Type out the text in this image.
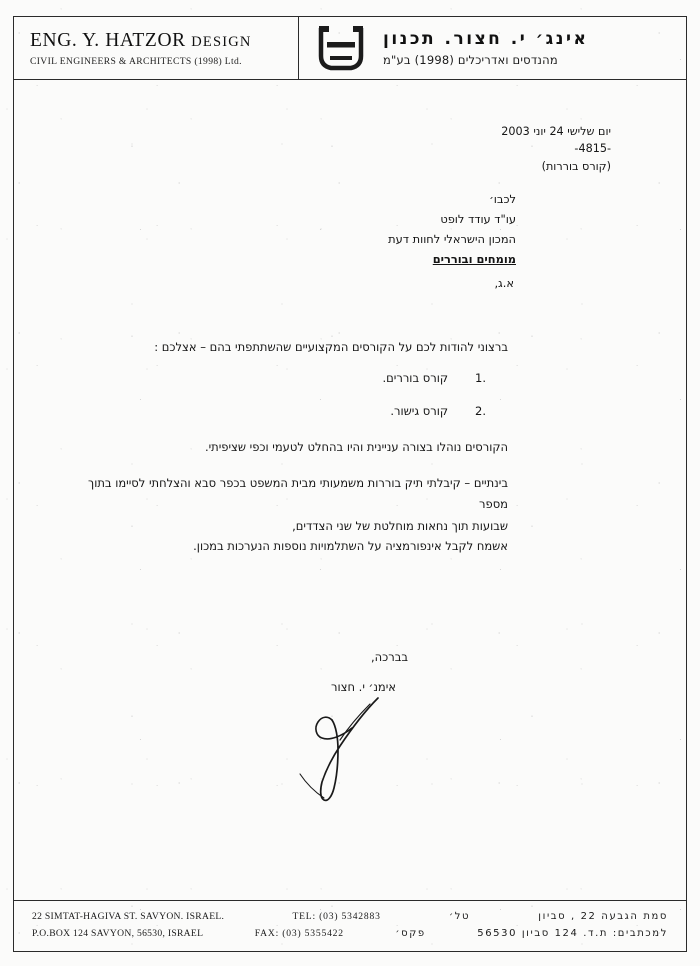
ENG. Y. HATZOR DESIGN
CIVIL ENGINEERS & ARCHITECTS (1998) Ltd.
אינג׳ י. חצור. תכנון
מהנדסים ואדריכלים (1998) בע"מ
יום שלישי 24 יוני 2003
-4815-
(קורס בוררות)
לכבו׳
עו"ד עודד לופט
המכון הישראלי לחוות דעת
מומחים ובוררים
א.ג,
ברצוני להודות לכם על הקורסים המקצועיים שהשתתפתי בהם – אצלכם :
.1
קורס בוררים.
.2
קורס גישור.
הקורסים נוהלו בצורה עניינית והיו בהחלט לטעמי וכפי שציפיתי.
בינתיים – קיבלתי תיק בוררות משמעותי מבית המשפט בכפר סבא והצלחתי לסיימו בתוך מספר
שבועות תוך נחאות מוחלטת של שני הצדדים,
אשמח לקבל אינפורמציה על השתלמויות נוספות הנערכות במכון.
בברכה,
אימנ׳ י. חצור
22 SIMTAT-HAGIVA ST. SAVYON. ISRAEL.	TEL: (03) 5342883	טל׳	סמת הגבעה 22 , סביון
P.O.BOX 124 SAVYON, 56530, ISRAEL	FAX: (03) 5355422	פקס׳	למכתבים: ת.ד. 124 סביון 56530
